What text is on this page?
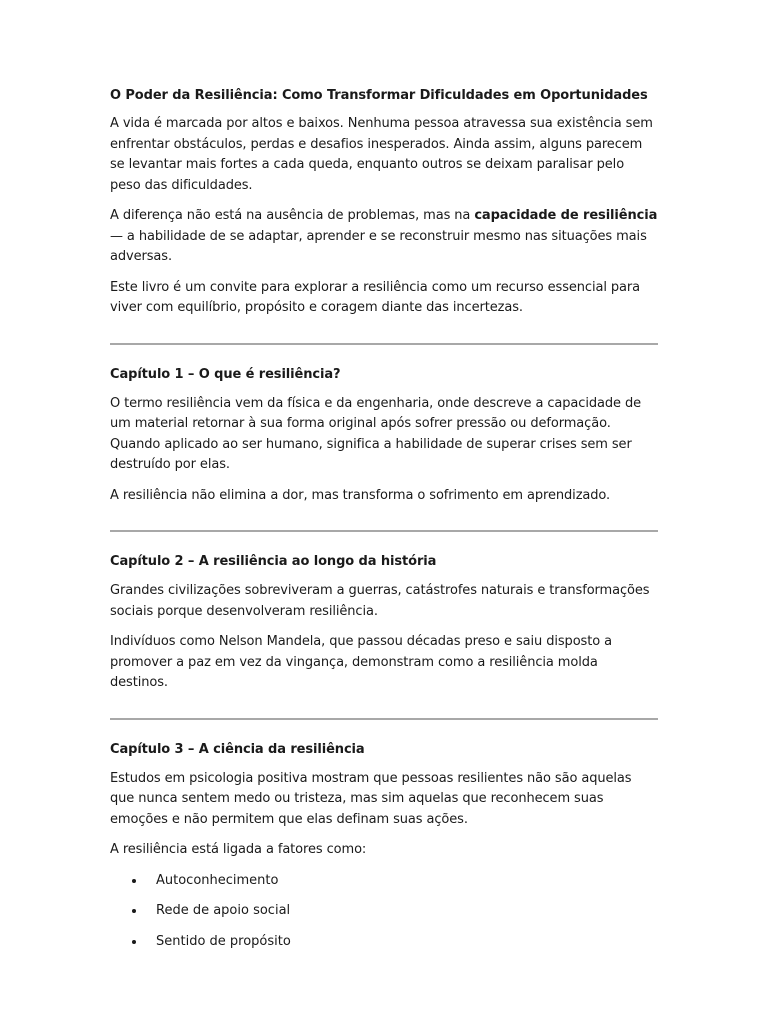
O Poder da Resiliência: Como Transformar Dificuldades em Oportunidades

A vida é marcada por altos e baixos. Nenhuma pessoa atravessa sua existência sem enfrentar obstáculos, perdas e desafios inesperados. Ainda assim, alguns parecem se levantar mais fortes a cada queda, enquanto outros se deixam paralisar pelo peso das dificuldades.

A diferença não está na ausência de problemas, mas na capacidade de resiliência — a habilidade de se adaptar, aprender e se reconstruir mesmo nas situações mais adversas.

Este livro é um convite para explorar a resiliência como um recurso essencial para viver com equilíbrio, propósito e coragem diante das incertezas.

Capítulo 1 – O que é resiliência?

O termo resiliência vem da física e da engenharia, onde descreve a capacidade de um material retornar à sua forma original após sofrer pressão ou deformação. Quando aplicado ao ser humano, significa a habilidade de superar crises sem ser destruído por elas.

A resiliência não elimina a dor, mas transforma o sofrimento em aprendizado.

Capítulo 2 – A resiliência ao longo da história

Grandes civilizações sobreviveram a guerras, catástrofes naturais e transformações sociais porque desenvolveram resiliência.

Indivíduos como Nelson Mandela, que passou décadas preso e saiu disposto a promover a paz em vez da vingança, demonstram como a resiliência molda destinos.

Capítulo 3 – A ciência da resiliência

Estudos em psicologia positiva mostram que pessoas resilientes não são aquelas que nunca sentem medo ou tristeza, mas sim aquelas que reconhecem suas emoções e não permitem que elas definam suas ações.

A resiliência está ligada a fatores como:

Autoconhecimento
Rede de apoio social
Sentido de propósito
